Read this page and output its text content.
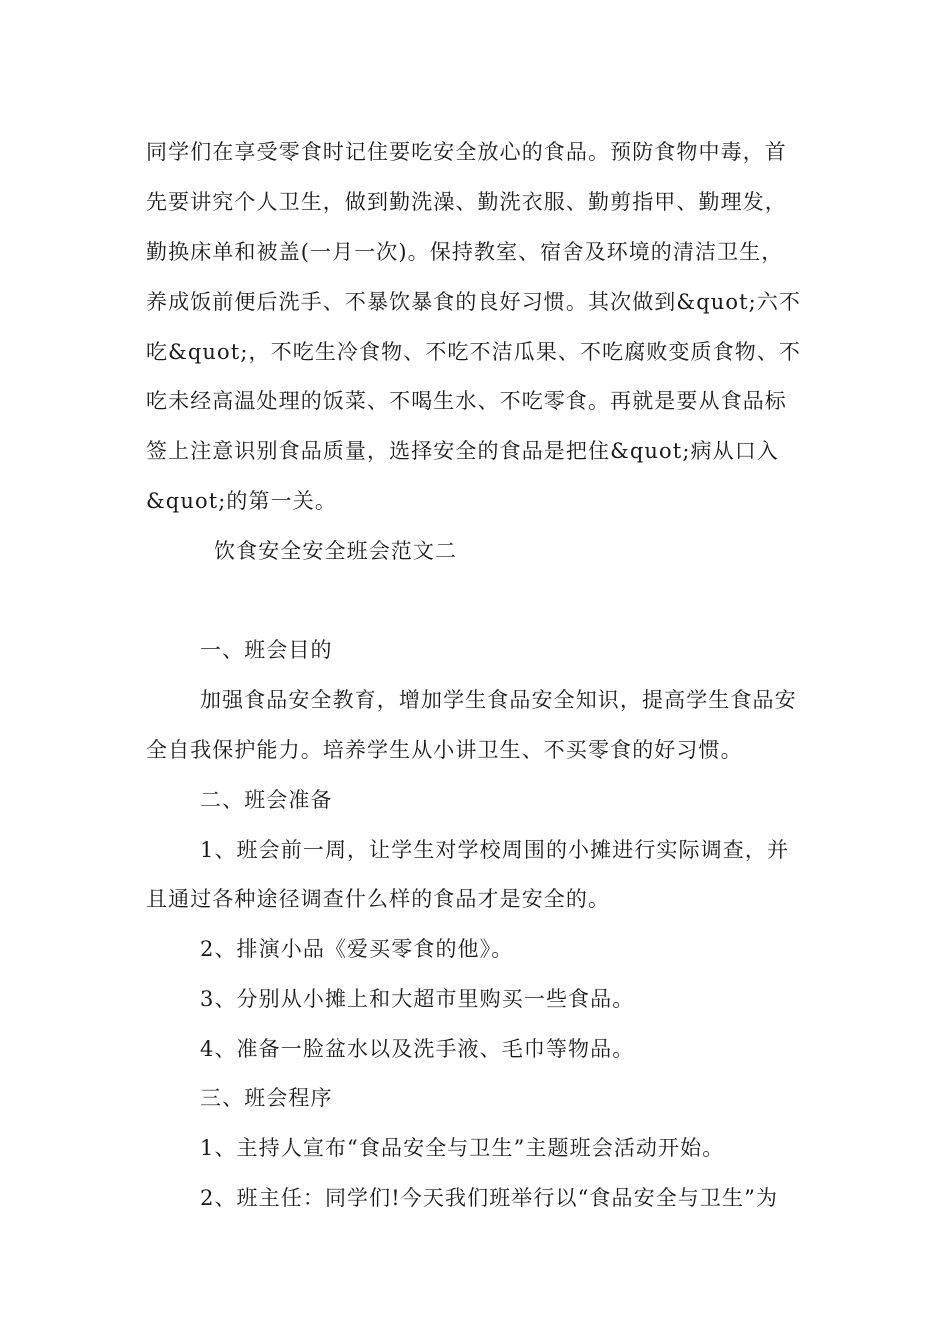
同学们在享受零食时记住要吃安全放心的食品。预防食物中毒，首
先要讲究个人卫生，做到勤洗澡、勤洗衣服、勤剪指甲、勤理发，
勤换床单和被盖(一月一次)。保持教室、宿舍及环境的清洁卫生，
养成饭前便后洗手、不暴饮暴食的良好习惯。其次做到&quot;六不
吃&quot;，不吃生冷食物、不吃不洁瓜果、不吃腐败变质食物、不
吃未经高温处理的饭菜、不喝生水、不吃零食。再就是要从食品标
签上注意识别食品质量，选择安全的食品是把住&quot;病从口入
&quot;的第一关。
饮食安全安全班会范文二
一、班会目的
加强食品安全教育，增加学生食品安全知识，提高学生食品安
全自我保护能力。培养学生从小讲卫生、不买零食的好习惯。
二、班会准备
1、班会前一周，让学生对学校周围的小摊进行实际调查，并
且通过各种途径调查什么样的食品才是安全的。
2、排演小品《爱买零食的他》。
3、分别从小摊上和大超市里购买一些食品。
4、准备一脸盆水以及洗手液、毛巾等物品。
三、班会程序
1、主持人宣布“食品安全与卫生”主题班会活动开始。
2、班主任：同学们!今天我们班举行以“食品安全与卫生”为
